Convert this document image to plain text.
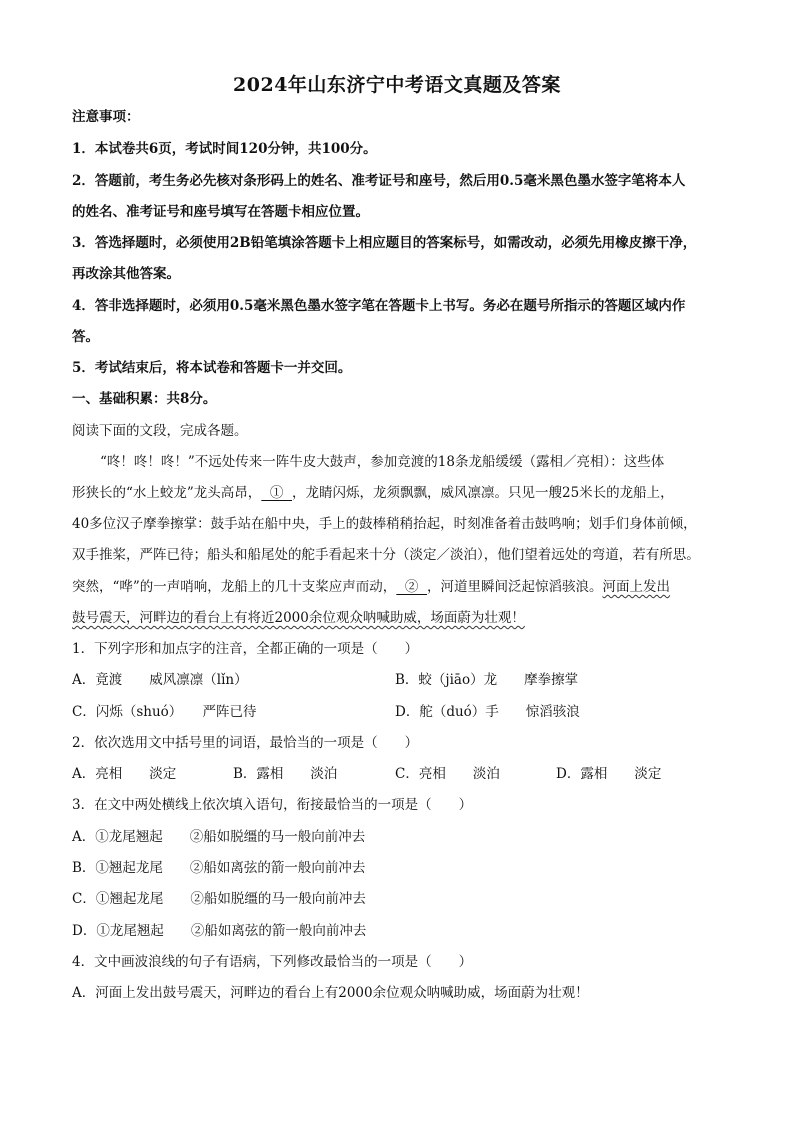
2024年山东济宁中考语文真题及答案
注意事项：
1．本试卷共6页，考试时间120分钟，共100分。
2．答题前，考生务必先核对条形码上的姓名、准考证号和座号，然后用0.5毫米黑色墨水签字笔将本人
的姓名、准考证号和座号填写在答题卡相应位置。
3．答选择题时，必须使用2B铅笔填涂答题卡上相应题目的答案标号，如需改动，必须先用橡皮擦干净，
再改涂其他答案。
4．答非选择题时，必须用0.5毫米黑色墨水签字笔在答题卡上书写。务必在题号所指示的答题区域内作
答。
5．考试结束后，将本试卷和答题卡一并交回。
一、基础积累：共8分。
阅读下面的文段，完成各题。
“咚！咚！咚！”不远处传来一阵牛皮大鼓声，参加竞渡的18条龙船缓缓（露相／亮相）：这些体
形狭长的“水上蛟龙”龙头高昂，  ①  ，龙睛闪烁，龙须飘飘，威风凛凛。只见一艘25米长的龙船上，
40多位汉子摩拳擦掌：鼓手站在船中央，手上的鼓棒稍稍抬起，时刻准备着击鼓鸣响；划手们身体前倾，
双手推桨，严阵已待；船头和船尾处的舵手看起来十分（淡定／淡泊），他们望着远处的弯道，若有所思。
突然，“哗”的一声哨响，龙船上的几十支桨应声而动，  ②  ，河道里瞬间泛起惊滔骇浪。河面上发出
鼓号震天，河畔边的看台上有将近2000余位观众呐喊助威，场面蔚为壮观！
1．下列字形和加点字的注音，全都正确的一项是（　　）
A．竟渡　　威风凛凛（lǐn）	B．蛟（jiāo）龙　　摩拳擦掌
C．闪烁（shuó）　　严阵已待	D．舵（duó）手　　惊滔骇浪
2．依次选用文中括号里的词语，最恰当的一项是（　　）
A．亮相　　淡定	B．露相　　淡泊	C．亮相　　淡泊	D．露相　　淡定
3．在文中两处横线上依次填入语句，衔接最恰当的一项是（　　）
A．①龙尾翘起　　②船如脱缰的马一般向前冲去
B．①翘起龙尾　　②船如离弦的箭一般向前冲去
C．①翘起龙尾　　②船如脱缰的马一般向前冲去
D．①龙尾翘起　　②船如离弦的箭一般向前冲去
4．文中画波浪线的句子有语病，下列修改最恰当的一项是（　　）
A．河面上发出鼓号震天，河畔边的看台上有2000余位观众呐喊助威，场面蔚为壮观！
